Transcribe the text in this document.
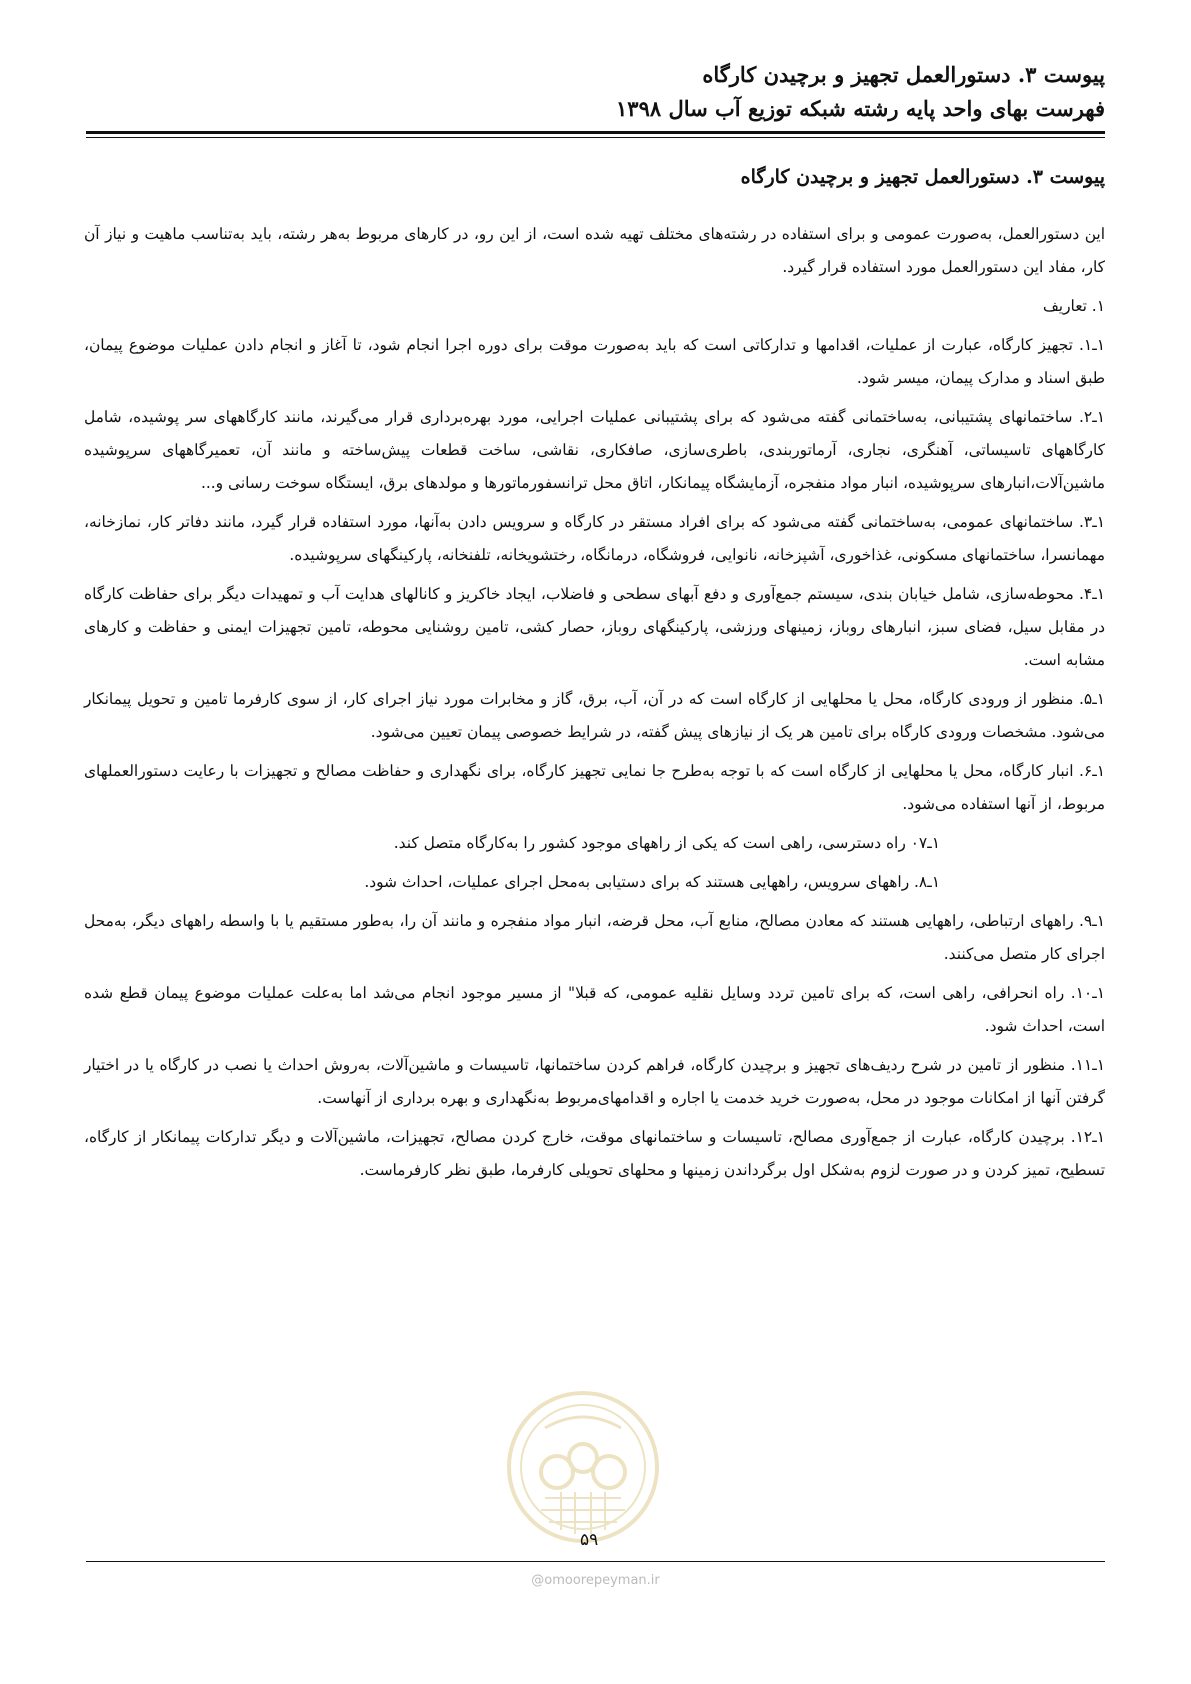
پیوست ۳. دستورالعمل تجهیز و برچیدن کارگاه
فهرست بهای واحد پایه رشته شبکه توزیع آب سال ۱۳۹۸
پیوست ۳. دستورالعمل تجهیز و برچیدن کارگاه

این دستورالعمل، به‌صورت عمومی و برای استفاده در رشته‌های مختلف تهیه شده است، از این رو، در کارهای مربوط به‌هر رشته، باید به‌تناسب ماهیت و نیاز آن کار، مفاد این دستورالعمل مورد استفاده قرار گیرد.

۱. تعاریف

۱ـ۱. تجهیز کارگاه، عبارت از عملیات، اقدامها و تدارکاتی است که باید به‌صورت موقت برای دوره اجرا انجام شود، تا آغاز و انجام دادن عملیات موضوع پیمان، طبق اسناد و مدارک پیمان، میسر شود.

۱ـ۲. ساختمانهای پشتیبانی، به‌ساختمانی گفته می‌شود که برای پشتیبانی عملیات اجرایی، مورد بهره‌برداری قرار می‌گیرند، مانند کارگاههای سر پوشیده، شامل کارگاههای تاسیساتی، آهنگری، نجاری، آرماتوربندی، باطری‌سازی، صافکاری، نقاشی، ساخت قطعات پیش‌ساخته و مانند آن، تعمیرگاههای سرپوشیده ماشین‌آلات،انبارهای سرپوشیده، انبار مواد منفجره، آزمایشگاه پیمانکار، اتاق محل ترانسفورماتورها و مولدهای برق، ایستگاه سوخت رسانی و...

۱ـ۳. ساختمانهای عمومی، به‌ساختمانی گفته می‌شود که برای افراد مستقر در کارگاه و سرویس دادن به‌آنها، مورد استفاده قرار گیرد، مانند دفاتر کار، نمازخانه، مهمانسرا، ساختمانهای مسکونی، غذاخوری، آشپزخانه، نانوایی، فروشگاه، درمانگاه، رختشویخانه، تلفنخانه، پارکینگهای سرپوشیده.

۱ـ۴. محوطه‌سازی، شامل خیابان بندی، سیستم جمع‌آوری و دفع آبهای سطحی و فاضلاب، ایجاد خاکریز و کانالهای هدایت آب و تمهیدات دیگر برای حفاظت کارگاه در مقابل سیل، فضای سبز، انبارهای روباز، زمینهای ورزشی، پارکینگهای روباز، حصار کشی، تامین روشنایی محوطه، تامین تجهیزات ایمنی و حفاظت و کارهای مشابه است.

۱ـ۵. منظور از ورودی کارگاه، محل یا محلهایی از کارگاه است که در آن، آب، برق، گاز و مخابرات مورد نیاز اجرای کار، از سوی کارفرما تامین و تحویل پیمانکار می‌شود. مشخصات ورودی کارگاه برای تامین هر یک از نیازهای پیش گفته، در شرایط خصوصی پیمان تعیین می‌شود.

۱ـ۶. انبار کارگاه، محل یا محلهایی از کارگاه است که با توجه به‌طرح جا نمایی تجهیز کارگاه، برای نگهداری و حفاظت مصالح و تجهیزات با رعایت دستورالعملهای مربوط، از آنها استفاده می‌شود.

۱ـ۰۷ راه دسترسی، راهی است که یکی از راههای موجود کشور را به‌کارگاه متصل کند.

۱ـ۸. راههای سرویس، راههایی هستند که برای دستیابی به‌محل اجرای عملیات، احداث شود.

۱ـ۹. راههای ارتباطی، راههایی هستند که معادن مصالح، منابع آب، محل قرضه، انبار مواد منفجره و مانند آن را، به‌طور مستقیم یا با واسطه راههای دیگر، به‌محل اجرای کار متصل می‌کنند.

۱ـ۱۰. راه انحرافی، راهی است، که برای تامین تردد وسایل نقلیه عمومی، که قبلا" از مسیر موجود انجام می‌شد اما به‌علت عملیات موضوع پیمان قطع شده است، احداث شود.

۱ـ۱۱. منظور از تامین در شرح ردیف‌های تجهیز و برچیدن کارگاه، فراهم کردن ساختمانها، تاسیسات و ماشین‌آلات، به‌روش احداث یا نصب در کارگاه یا در اختیار گرفتن آنها از امکانات موجود در محل، به‌صورت خرید خدمت یا اجاره و اقدامهای‌مربوط به‌نگهداری و بهره برداری از آنهاست.

۱ـ۱۲. برچیدن کارگاه، عبارت از جمع‌آوری مصالح، تاسیسات و ساختمانهای موقت، خارج کردن مصالح، تجهیزات، ماشین‌آلات و دیگر تدارکات پیمانکار از کارگاه، تسطیح، تمیز کردن و در صورت لزوم به‌شکل اول برگرداندن زمینها و محلهای تحویلی کارفرما، طبق نظر کارفرماست.

۵۹
@omoorepeyman.ir
